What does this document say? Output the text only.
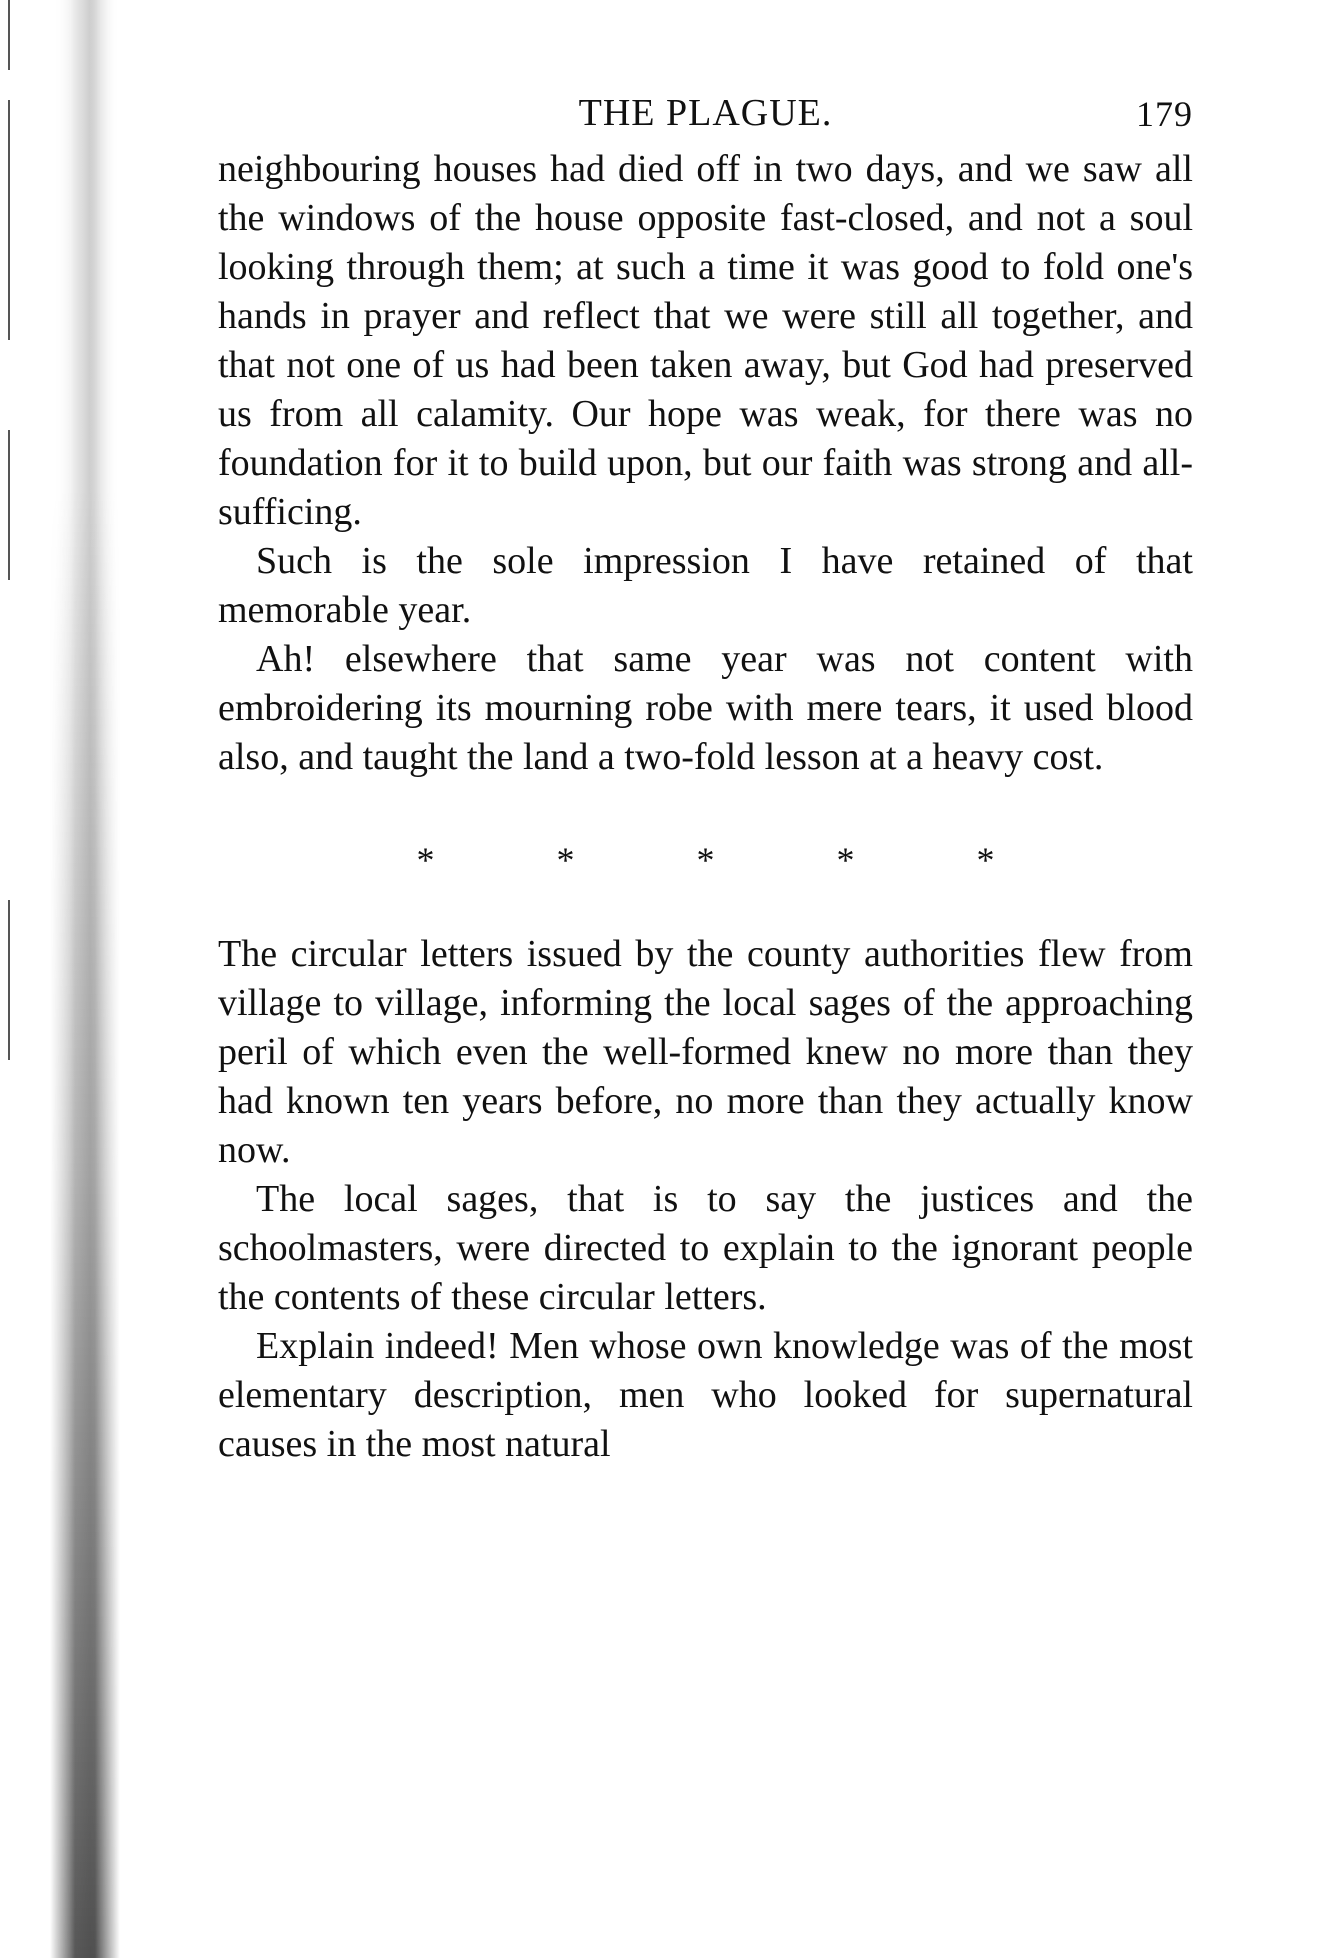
THE PLAGUE.	179

neighbouring houses had died off in two days, and we saw all the windows of the house opposite fast-closed, and not a soul looking through them; at such a time it was good to fold one's hands in prayer and reflect that we were still all together, and that not one of us had been taken away, but God had preserved us from all calamity. Our hope was weak, for there was no foundation for it to build upon, but our faith was strong and all-sufficing.

Such is the sole impression I have retained of that memorable year.

Ah! elsewhere that same year was not content with embroidering its mourning robe with mere tears, it used blood also, and taught the land a two-fold lesson at a heavy cost.

*	*	*	*	*

The circular letters issued by the county authorities flew from village to village, informing the local sages of the approaching peril of which even the well-formed knew no more than they had known ten years before, no more than they actually know now.

The local sages, that is to say the justices and the schoolmasters, were directed to explain to the ignorant people the contents of these circular letters.

Explain indeed! Men whose own knowledge was of the most elementary description, men who looked for supernatural causes in the most natural
